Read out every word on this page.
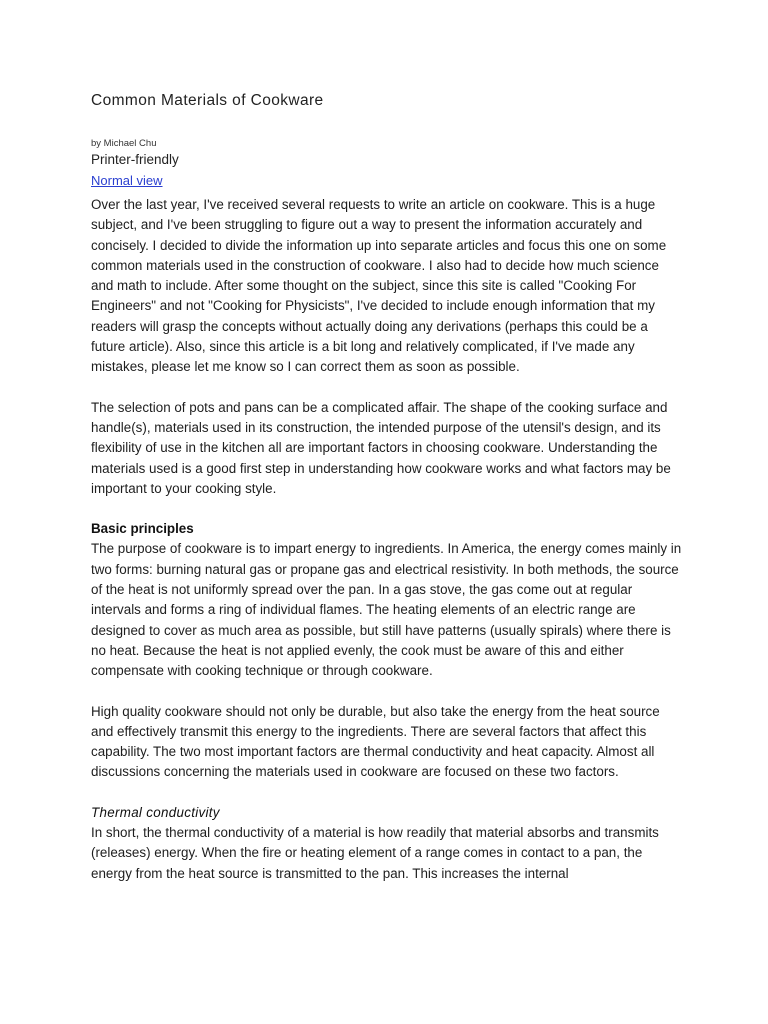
Common Materials of Cookware
by Michael Chu
Printer-friendly
Normal view

Over the last year, I've received several requests to write an article on cookware. This is a huge subject, and I've been struggling to figure out a way to present the information accurately and concisely. I decided to divide the information up into separate articles and focus this one on some common materials used in the construction of cookware. I also had to decide how much science and math to include. After some thought on the subject, since this site is called "Cooking For Engineers" and not "Cooking for Physicists", I've decided to include enough information that my readers will grasp the concepts without actually doing any derivations (perhaps this could be a future article). Also, since this article is a bit long and relatively complicated, if I've made any mistakes, please let me know so I can correct them as soon as possible.

The selection of pots and pans can be a complicated affair. The shape of the cooking surface and handle(s), materials used in its construction, the intended purpose of the utensil's design, and its flexibility of use in the kitchen all are important factors in choosing cookware. Understanding the materials used is a good first step in understanding how cookware works and what factors may be important to your cooking style.

Basic principles

The purpose of cookware is to impart energy to ingredients. In America, the energy comes mainly in two forms: burning natural gas or propane gas and electrical resistivity. In both methods, the source of the heat is not uniformly spread over the pan. In a gas stove, the gas come out at regular intervals and forms a ring of individual flames. The heating elements of an electric range are designed to cover as much area as possible, but still have patterns (usually spirals) where there is no heat. Because the heat is not applied evenly, the cook must be aware of this and either compensate with cooking technique or through cookware.

High quality cookware should not only be durable, but also take the energy from the heat source and effectively transmit this energy to the ingredients. There are several factors that affect this capability. The two most important factors are thermal conductivity and heat capacity. Almost all discussions concerning the materials used in cookware are focused on these two factors.

Thermal conductivity

In short, the thermal conductivity of a material is how readily that material absorbs and transmits (releases) energy. When the fire or heating element of a range comes in contact to a pan, the energy from the heat source is transmitted to the pan. This increases the internal
